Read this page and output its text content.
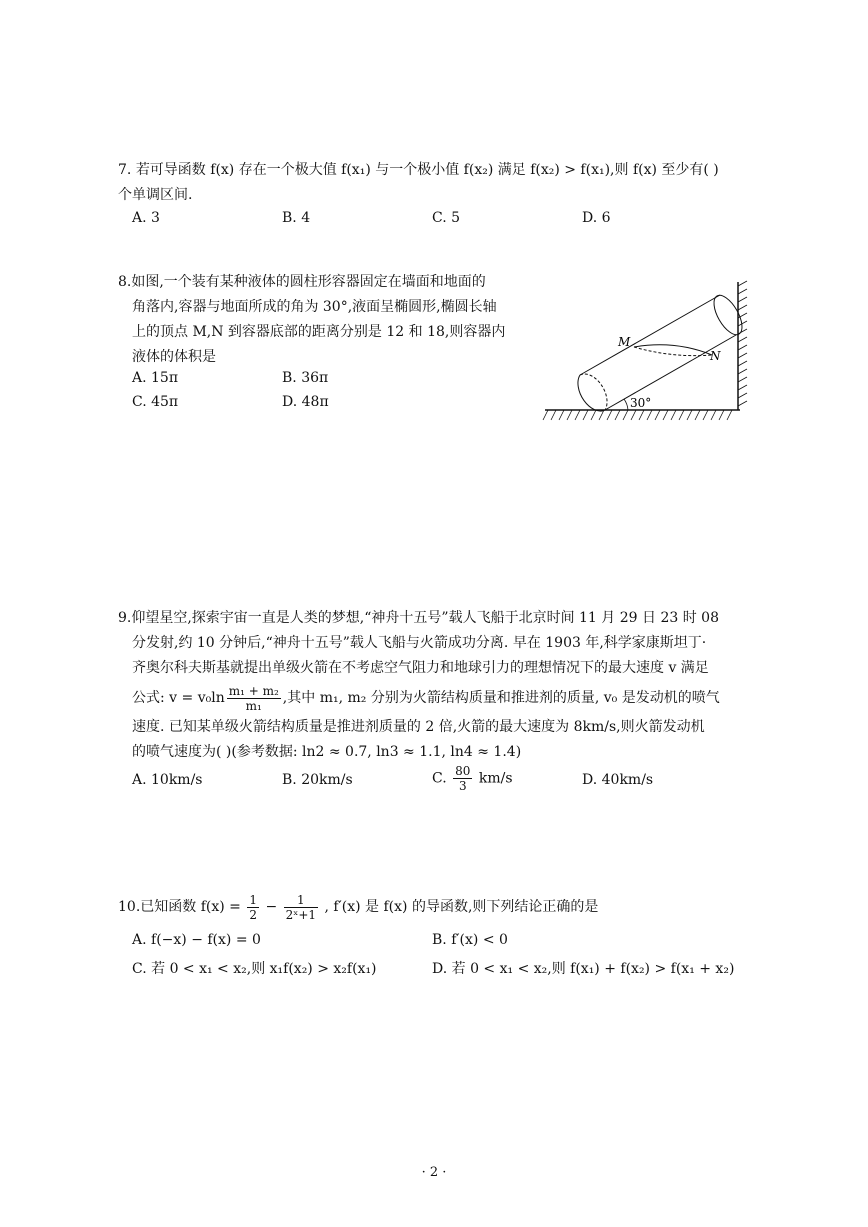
7. 若可导函数 f(x) 存在一个极大值 f(x₁) 与一个极小值 f(x₂) 满足 f(x₂) > f(x₁),则 f(x) 至少有( )

个单调区间.

A. 3	B. 4	C. 5	D. 6

8.如图,一个装有某种液体的圆柱形容器固定在墙面和地面的

角落内,容器与地面所成的角为 30°,液面呈椭圆形,椭圆长轴

上的顶点 M,N 到容器底部的距离分别是 12 和 18,则容器内

液体的体积是

A. 15π	B. 36π
C. 45π	D. 48π
M
N
30°

9.仰望星空,探索宇宙一直是人类的梦想,“神舟十五号”载人飞船于北京时间 11 月 29 日 23 时 08

分发射,约 10 分钟后,“神舟十五号”载人飞船与火箭成功分离. 早在 1903 年,科学家康斯坦丁·

齐奥尔科夫斯基就提出单级火箭在不考虑空气阻力和地球引力的理想情况下的最大速度 v 满足

公式: $v = v_0\ln \frac{\text{m₁ + m₂}}{\text{m₁}}$ ,其中 m₁, m₂ 分别为火箭结构质量和推进剂的质量, v₀ 是发动机的喷气

速度. 已知某单级火箭结构质量是推进剂质量的 2 倍,火箭的最大速度为 8km/s,则火箭发动机

的喷气速度为( )(参考数据: ln2 ≈ 0.7, ln3 ≈ 1.1, ln4 ≈ 1.4)

A. 10km/s	B. 20km/s	C. $\frac{80}{3} km/s$	D. 40km/s

10.已知函数 $f(x) = \frac{1}{2} - \frac{1}{\text{2ˣ+1}}$ , f′(x) 是 f(x) 的导函数,则下列结论正确的是

A. f(−x) − f(x) = 0	B. f′(x) < 0
C. 若 0 < x₁ < x₂,则 x₁f(x₂) > x₂f(x₁)	D. 若 0 < x₁ < x₂,则 f(x₁) + f(x₂) > f(x₁ + x₂)
· 2 ·
